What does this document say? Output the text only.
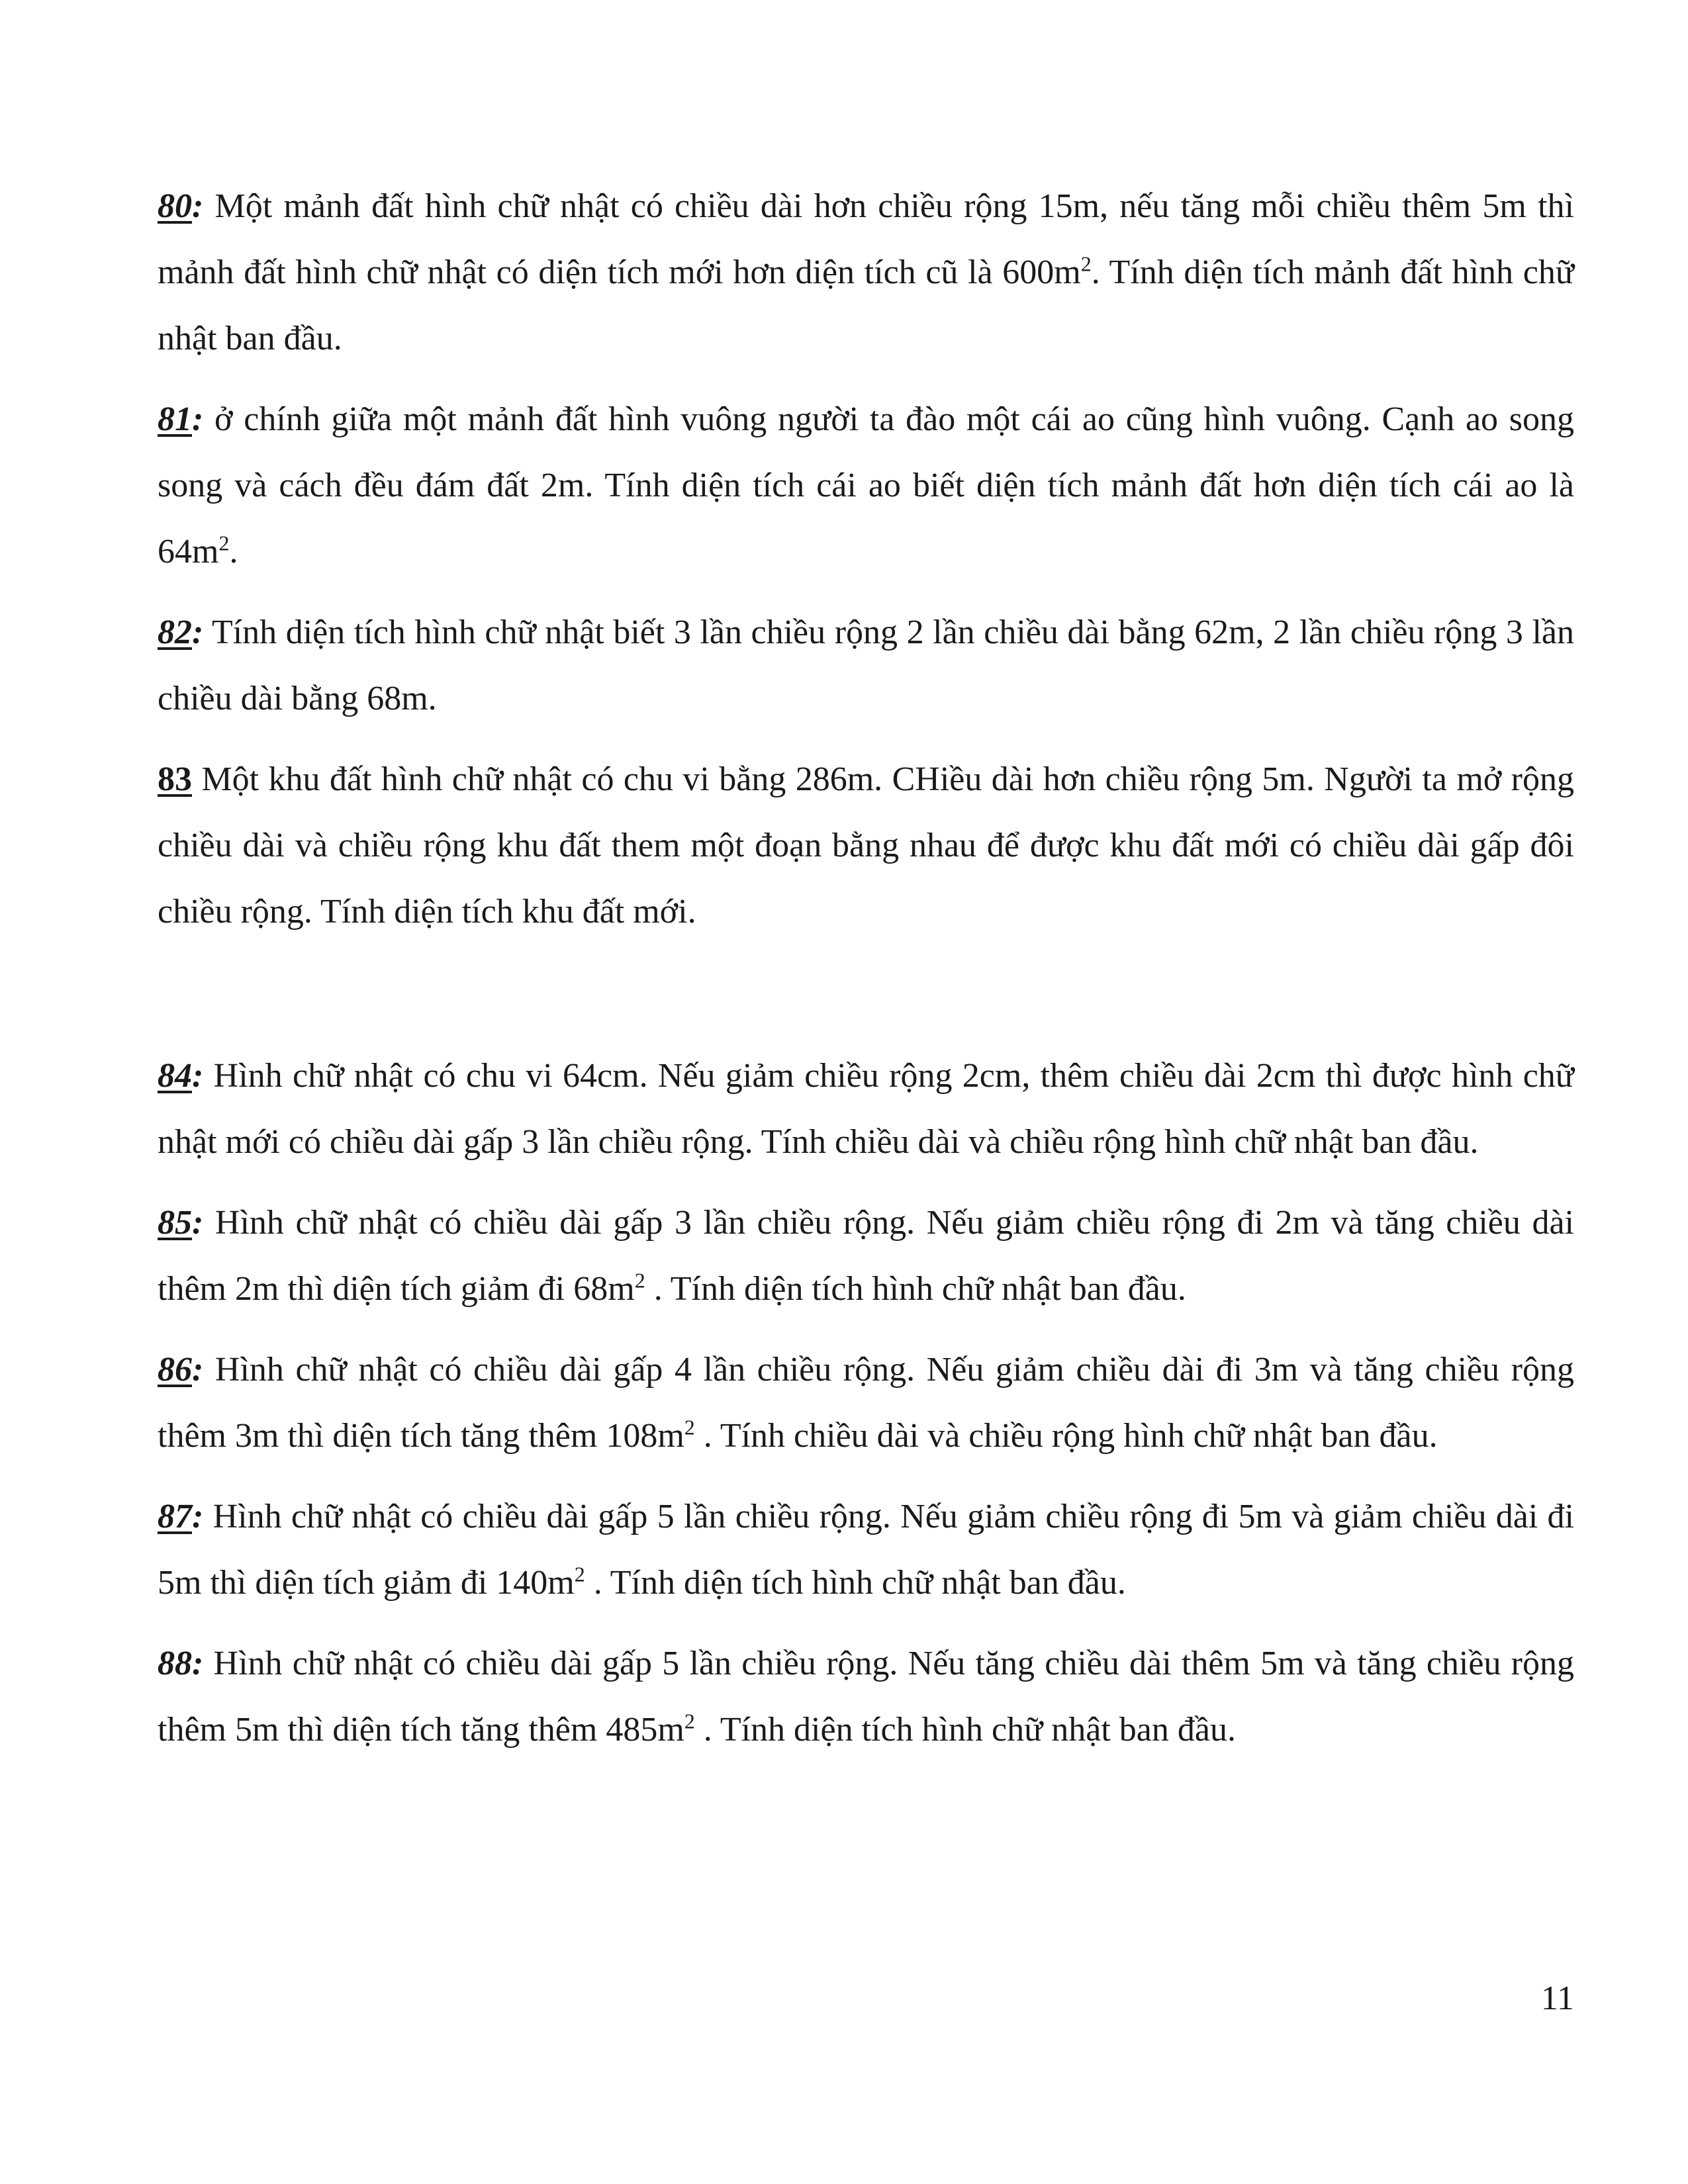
80: Một mảnh đất hình chữ nhật có chiều dài hơn chiều rộng 15m, nếu tăng mỗi chiều thêm 5m thì mảnh đất hình chữ nhật có diện tích mới hơn diện tích cũ là $600m^2$. Tính diện tích mảnh đất hình chữ nhật ban đầu.

81: ở chính giữa một mảnh đất hình vuông người ta đào một cái ao cũng hình vuông. Cạnh ao song song và cách đều đám đất 2m. Tính diện tích cái ao biết diện tích mảnh đất hơn diện tích cái ao là $64m^2$.

82: Tính diện tích hình chữ nhật biết 3 lần chiều rộng 2 lần chiều dài bằng 62m, 2 lần chiều rộng 3 lần chiều dài bằng 68m.

83 Một khu đất hình chữ nhật có chu vi bằng 286m. CHiều dài hơn chiều rộng 5m. Người ta mở rộng chiều dài và chiều rộng khu đất them một đoạn bằng nhau để được khu đất mới có chiều dài gấp đôi chiều rộng. Tính diện tích khu đất mới.

84: Hình chữ nhật có chu vi 64cm. Nếu giảm chiều rộng 2cm, thêm chiều dài 2cm thì được hình chữ nhật mới có chiều dài gấp 3 lần chiều rộng. Tính chiều dài và chiều rộng hình chữ nhật ban đầu.

85: Hình chữ nhật có chiều dài gấp 3 lần chiều rộng. Nếu giảm chiều rộng đi 2m và tăng chiều dài thêm 2m thì diện tích giảm đi $68m^2$ . Tính diện tích hình chữ nhật ban đầu.

86: Hình chữ nhật có chiều dài gấp 4 lần chiều rộng. Nếu giảm chiều dài đi 3m và tăng chiều rộng thêm 3m thì diện tích tăng thêm $108m^2$ . Tính chiều dài và chiều rộng hình chữ nhật ban đầu.

87: Hình chữ nhật có chiều dài gấp 5 lần chiều rộng. Nếu giảm chiều rộng đi 5m và giảm chiều dài đi 5m thì diện tích giảm đi $140m^2$ . Tính diện tích hình chữ nhật ban đầu.

88: Hình chữ nhật có chiều dài gấp 5 lần chiều rộng. Nếu tăng chiều dài thêm 5m và tăng chiều rộng thêm 5m thì diện tích tăng thêm $485m^2$ . Tính diện tích hình chữ nhật ban đầu.

11
